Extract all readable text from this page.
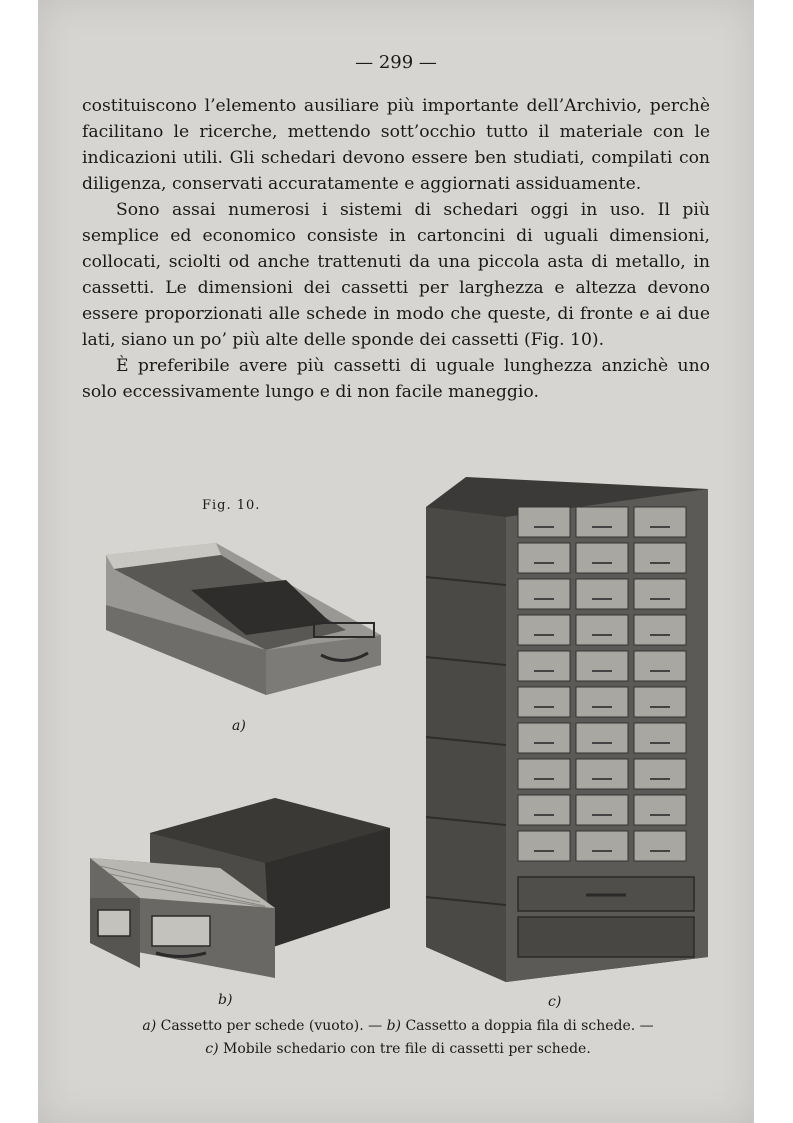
— 299 —

costituiscono l’elemento ausiliare più importante dell’Archivio, perchè facilitano le ricerche, mettendo sott’occhio tutto il materiale con le indicazioni utili. Gli schedari devono essere ben studiati, compilati con diligenza, conservati accuratamente e aggiornati assiduamente.

Sono assai numerosi i sistemi di schedari oggi in uso. Il più semplice ed economico consiste in cartoncini di uguali dimensioni, collocati, sciolti od anche trattenuti da una piccola asta di metallo, in cassetti. Le dimensioni dei cassetti per larghezza e altezza devono essere proporzionati alle schede in modo che queste, di fronte e ai due lati, siano un po’ più alte delle sponde dei cassetti (Fig. 10).

È preferibile avere più cassetti di uguale lunghezza anzichè uno solo eccessivamente lungo e di non facile maneggio.

Fig. 10.
a)
b)	c)
a) Cassetto per schede (vuoto). — b) Cassetto a doppia fila di schede. —
c) Mobile schedario con tre file di cassetti per schede.
